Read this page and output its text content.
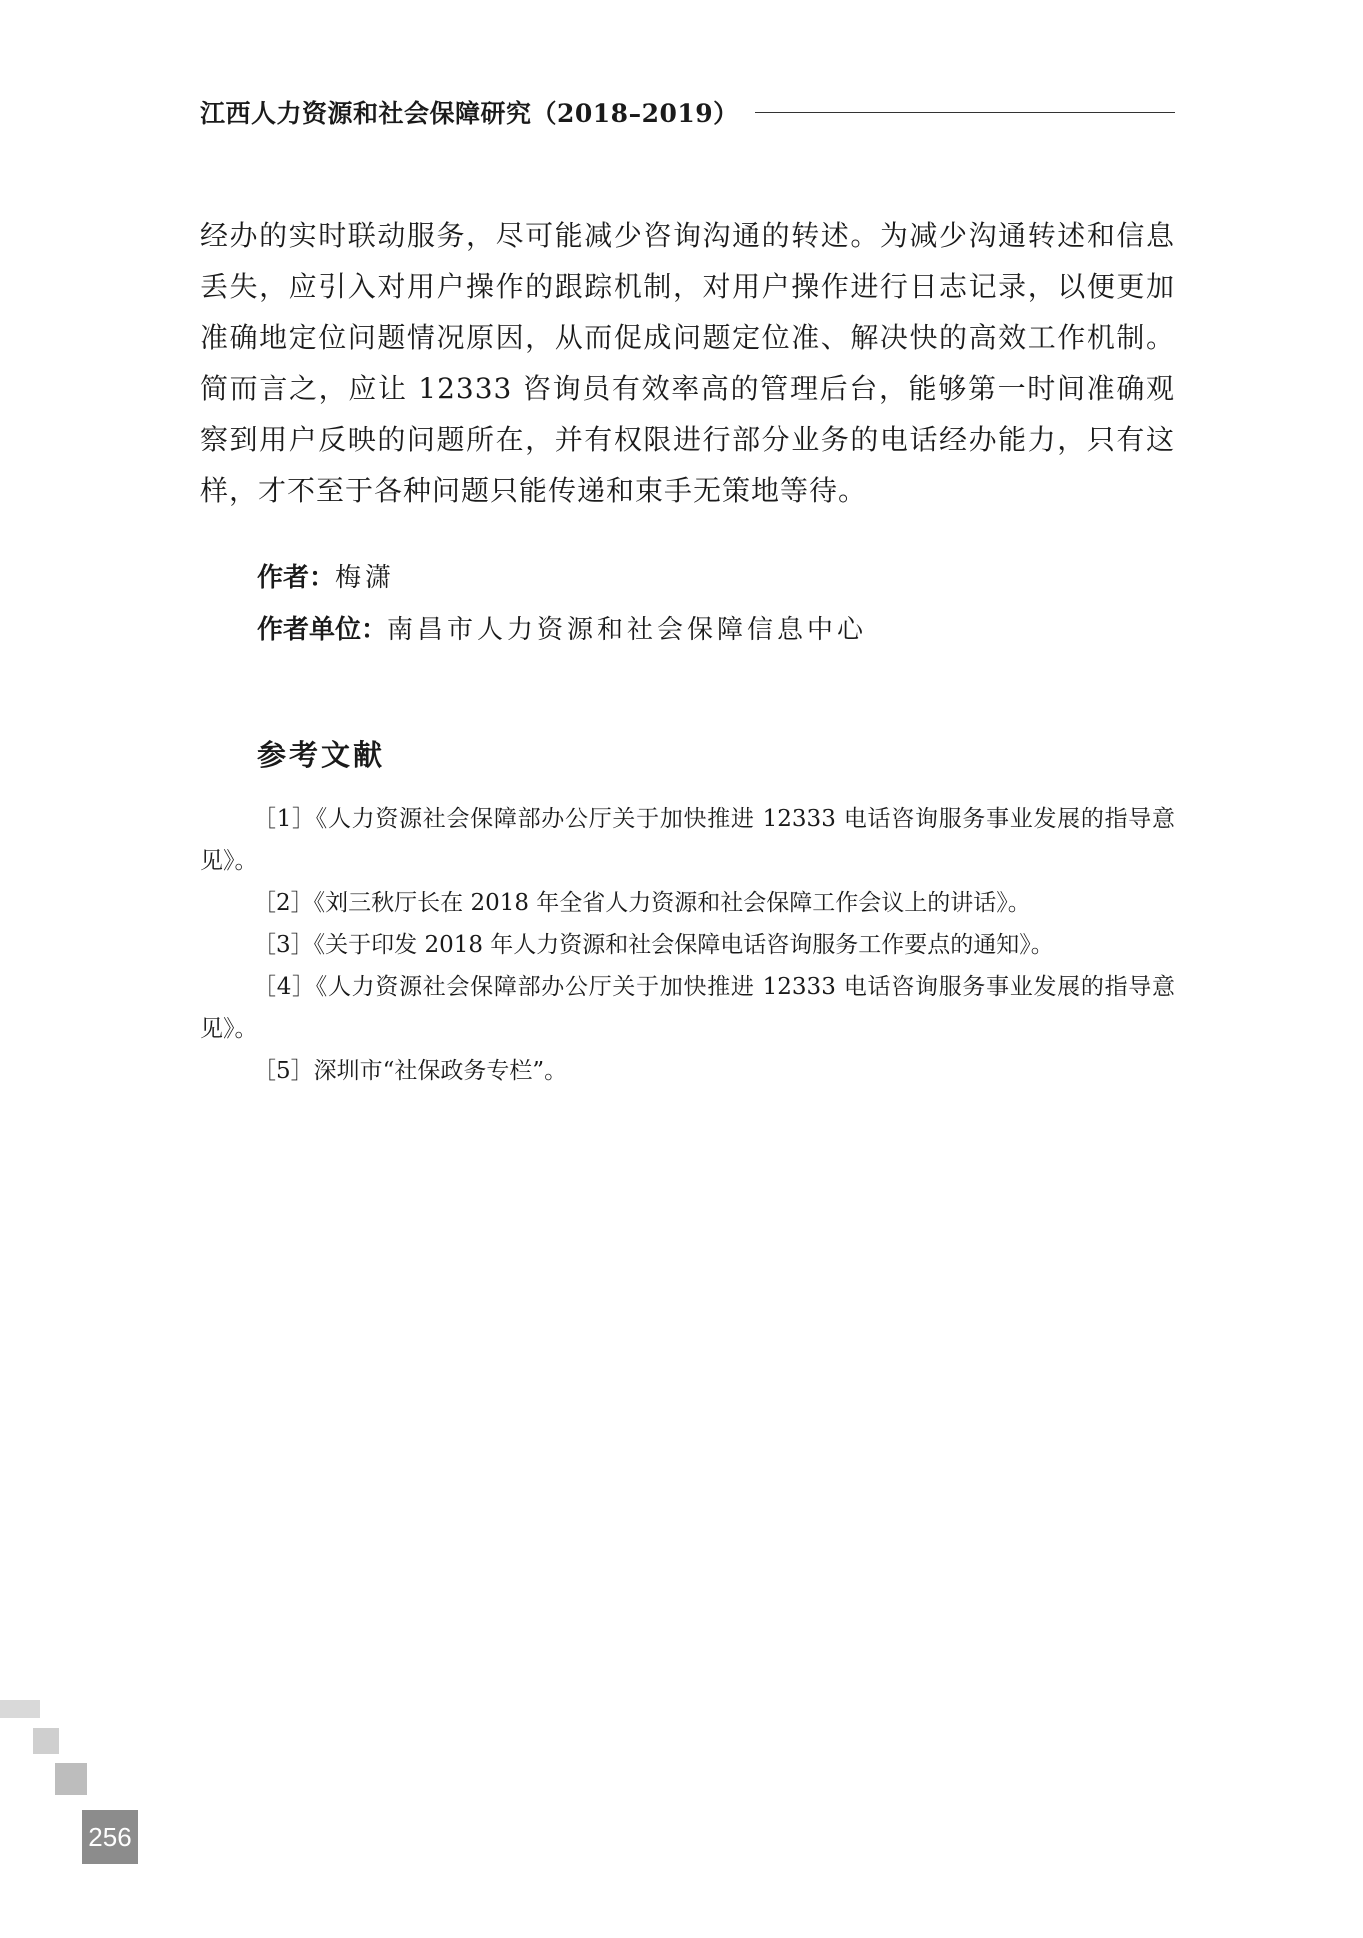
江西人力资源和社会保障研究（2018–2019）

经办的实时联动服务，尽可能减少咨询沟通的转述。为减少沟通转述和信息丢失，应引入对用户操作的跟踪机制，对用户操作进行日志记录，以便更加准确地定位问题情况原因，从而促成问题定位准、解决快的高效工作机制。简而言之，应让 12333 咨询员有效率高的管理后台，能够第一时间准确观察到用户反映的问题所在，并有权限进行部分业务的电话经办能力，只有这样，才不至于各种问题只能传递和束手无策地等待。

作者：梅潇
作者单位：南昌市人力资源和社会保障信息中心
参考文献
［1］《人力资源社会保障部办公厅关于加快推进 12333 电话咨询服务事业发展的指导意见》。
［2］《刘三秋厅长在 2018 年全省人力资源和社会保障工作会议上的讲话》。
［3］《关于印发 2018 年人力资源和社会保障电话咨询服务工作要点的通知》。
［4］《人力资源社会保障部办公厅关于加快推进 12333 电话咨询服务事业发展的指导意见》。
［5］深圳市“社保政务专栏”。
256
